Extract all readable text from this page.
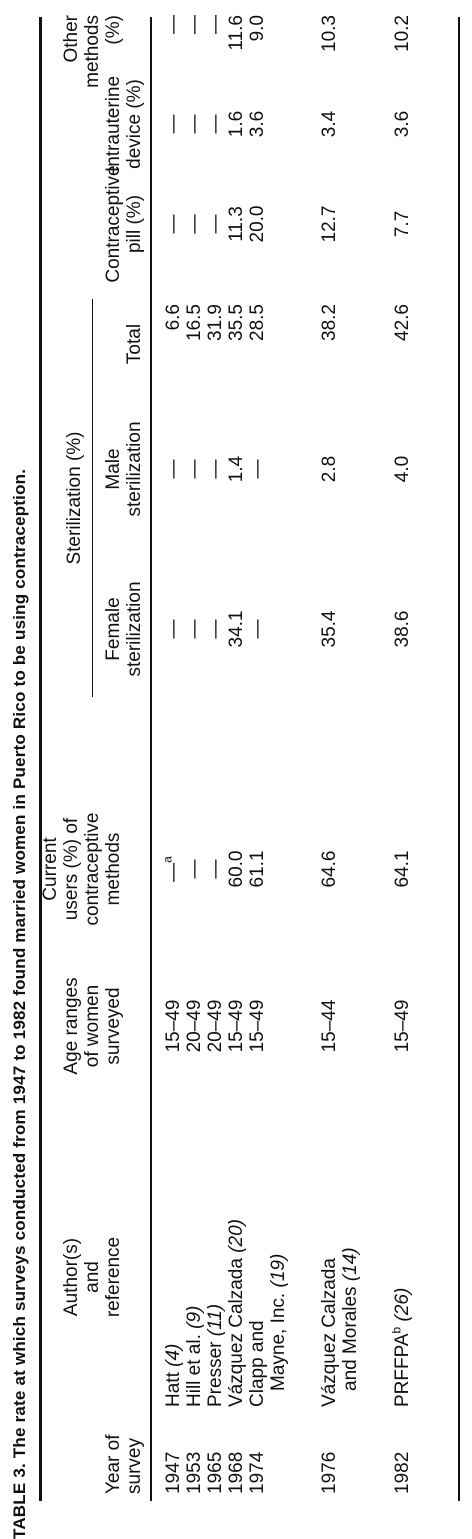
TABLE 3. The rate at which surveys conducted from 1947 to 1982 found married women in Puerto Rico to be using contraception.	Year of survey
Author(s) and reference
Age ranges of women surveyed
Current users (%) of contraceptive methods
Sterilization (%)
Female sterilization
Male sterilization
Total
Contraceptive pill (%)
Intrauterine device (%)
Other methods (%)
1947
15–49
—$^a$
—
—
6.6
—
—
—
Hatt (4)
1953
20–49
—
—
—
16.5
—
—
—
Hill et al. (9)
1965
20–49
—
—
—
31.9
—
—
—
Presser (11)
1968
15–49
60.0
34.1
1.4
35.5
11.3
1.6
11.6
Vázquez Calzada (20)
1974
15–49
61.1
—
—
28.5
20.0
3.6
9.0
Clapp and Mayne, Inc. (19)
1976
15–44
64.6
35.4
2.8
38.2
12.7
3.4
10.3
Vázquez Calzada and Morales (14)
1982
15–49
64.1
38.6
4.0
42.6
7.7
3.6
10.2
PRFFPA$^b$ (26)
